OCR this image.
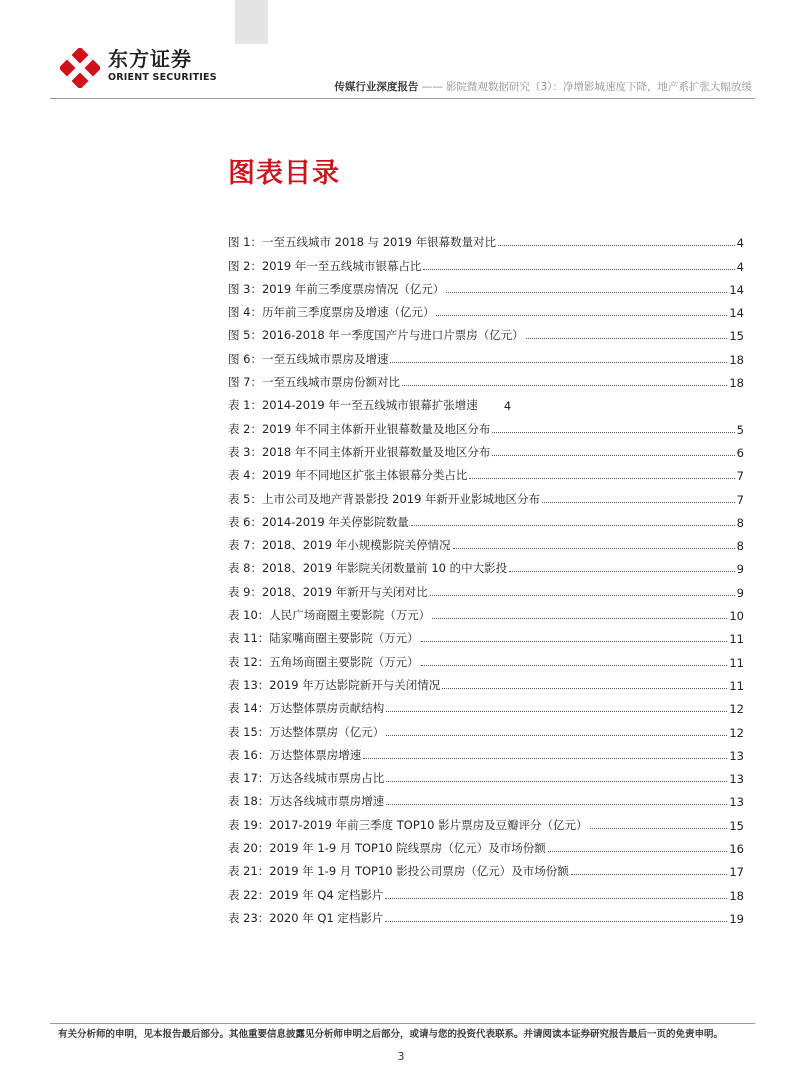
东方证券
ORIENT SECURITIES
传媒行业深度报告 —— 影院微观数据研究（3）：净增影城速度下降，地产系扩张大幅放缓
图表目录
图 1：一至五线城市 2018 与 2019 年银幕数量对比	4
图 2：2019 年一至五线城市银幕占比	4
图 3：2019 年前三季度票房情况（亿元）	14
图 4：历年前三季度票房及增速（亿元）	14
图 5：2016-2018 年一季度国产片与进口片票房（亿元）	15
图 6：一至五线城市票房及增速	18
图 7：一至五线城市票房份额对比	18
表 1：2014-2019 年一至五线城市银幕扩张增速 4
表 2：2019 年不同主体新开业银幕数量及地区分布	5
表 3：2018 年不同主体新开业银幕数量及地区分布	6
表 4：2019 年不同地区扩张主体银幕分类占比	7
表 5：上市公司及地产背景影投 2019 年新开业影城地区分布	7
表 6：2014-2019 年关停影院数量	8
表 7：2018、2019 年小规模影院关停情况	8
表 8：2018、2019 年影院关闭数量前 10 的中大影投	9
表 9：2018、2019 年新开与关闭对比	9
表 10：人民广场商圈主要影院（万元）	10
表 11：陆家嘴商圈主要影院（万元）	11
表 12：五角场商圈主要影院（万元）	11
表 13：2019 年万达影院新开与关闭情况	11
表 14：万达整体票房贡献结构	12
表 15：万达整体票房（亿元）	12
表 16：万达整体票房增速	13
表 17：万达各线城市票房占比	13
表 18：万达各线城市票房增速	13
表 19：2017-2019 年前三季度 TOP10 影片票房及豆瓣评分（亿元）	15
表 20：2019 年 1-9 月 TOP10 院线票房（亿元）及市场份额	16
表 21：2019 年 1-9 月 TOP10 影投公司票房（亿元）及市场份额	17
表 22：2019 年 Q4 定档影片	18
表 23：2020 年 Q1 定档影片	19
有关分析师的申明，见本报告最后部分。其他重要信息披露见分析师申明之后部分，或请与您的投资代表联系。并请阅读本证券研究报告最后一页的免责申明。
3
